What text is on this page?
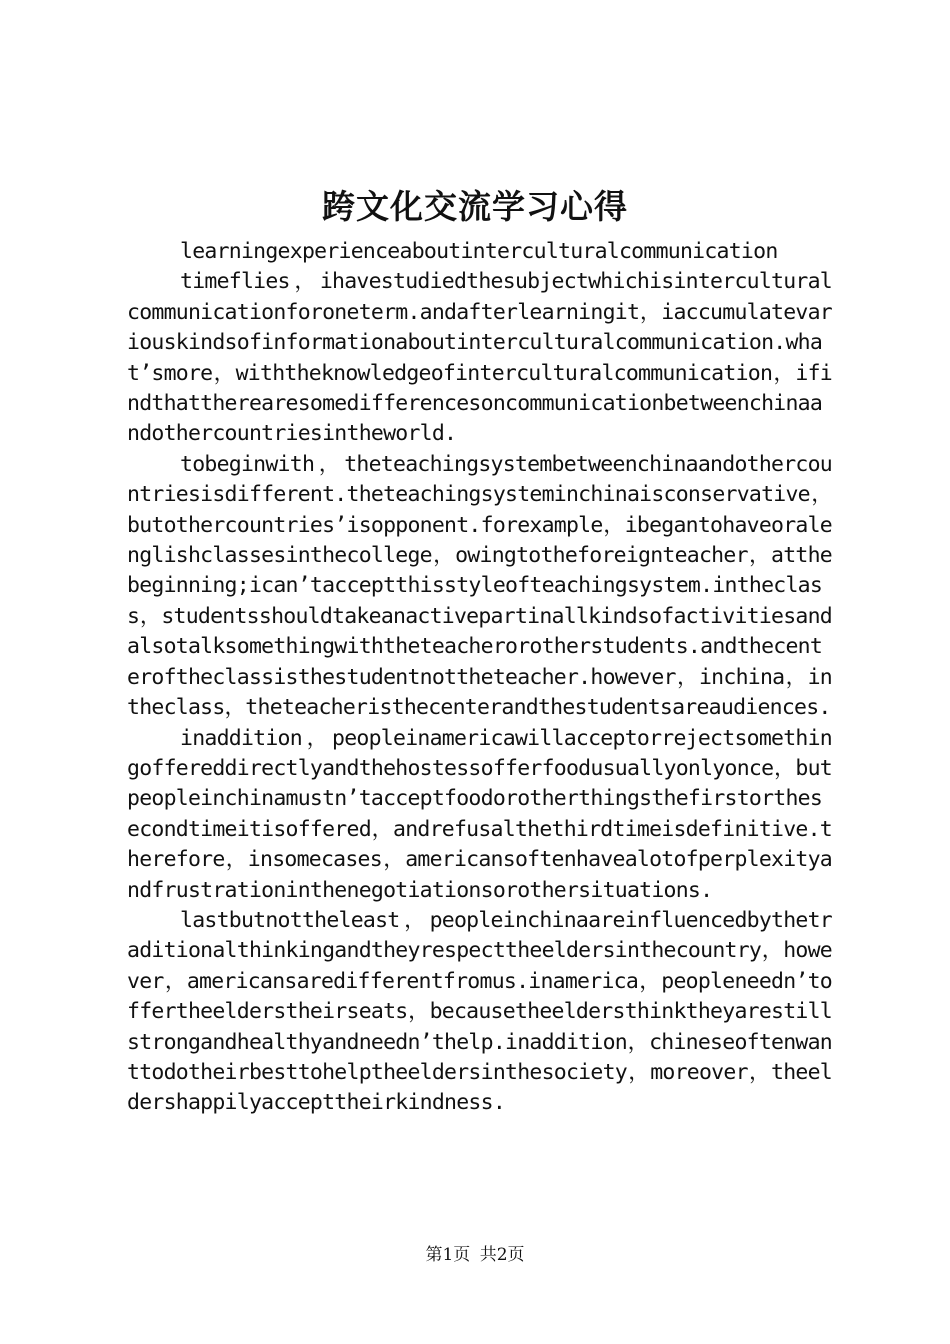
跨文化交流学习心得

learningexperienceaboutinterculturalcommunication

timeflies，ihavestudiedthesubjectwhichisinterculturalcommunicationforoneterm.andafterlearningit，iaccumulatevariouskindsofinformationaboutinterculturalcommunication.what’smore，withtheknowledgeofinterculturalcommunication，ifindthattherearesomedifferencesoncommunicationbetweenchinaandothercountriesintheworld.

tobeginwith，theteachingsystembetweenchinaandothercountriesisdifferent.theteachingsysteminchinaisconservative，butothercountries’isopponent.forexample，ibegantohaveoralenglishclassesinthecollege，owingtotheforeignteacher，atthebeginning;ican’tacceptthisstyleofteachingsystem.intheclass，studentsshouldtakeanactivepartinallkindsofactivitiesandalsotalksomethingwiththeteacherorotherstudents.andthecenteroftheclassisthestudentnottheteacher.however，inchina，intheclass，theteacheristhecenterandthestudentsareaudiences.

inaddition，peopleinamericawillacceptorrejectsomethingoffereddirectlyandthehostessofferfoodusuallyonlyonce，butpeopleinchinamustn’tacceptfoodorotherthingsthefirstorthesecondtimeitisoffered，andrefusalthethirdtimeisdefinitive.therefore，insomecases，americansoftenhavealotofperplexityandfrustrationinthenegotiationsorothersituations.

lastbutnottheleast，peopleinchinaareinfluencedbythetraditionalthinkingandtheyrespecttheeldersinthecountry，however，americansaredifferentfromus.inamerica，peopleneedn’toffertheelderstheirseats，becausetheeldersthinktheyarestillstrongandhealthyandneedn’thelp.inaddition，chineseoftenwanttodotheirbesttohelptheeldersinthesociety，moreover，theeldershappilyaccepttheirkindness.

第1页 共2页
